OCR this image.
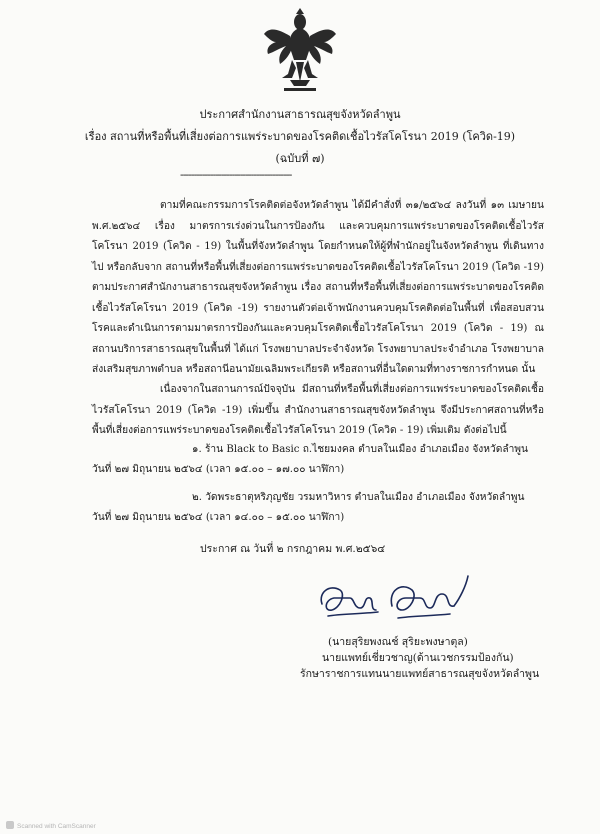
ประกาศสำนักงานสาธารณสุขจังหวัดลำพูน
เรื่อง สถานที่หรือพื้นที่เสี่ยงต่อการแพร่ระบาดของโรคติดเชื้อไวรัสโคโรนา 2019 (โควิด-19)
(ฉบับที่ ๗)
-----------------------------------------
ตามที่คณะกรรมการโรคติดต่อจังหวัดลำพูน ได้มีคำสั่งที่ ๓๑/๒๕๖๔ ลงวันที่ ๑๓ เมษายน พ.ศ.๒๕๖๔ เรื่อง มาตรการเร่งด่วนในการป้องกัน และควบคุมการแพร่ระบาดของโรคติดเชื้อไวรัสโคโรนา 2019 (โควิด - 19) ในพื้นที่จังหวัดลำพูน โดยกำหนดให้ผู้ที่พำนักอยู่ในจังหวัดลำพูน ที่เดินทางไป หรือกลับจาก สถานที่หรือพื้นที่เสี่ยงต่อการแพร่ระบาดของโรคติดเชื้อไวรัสโคโรนา 2019 (โควิด -19) ตามประกาศสำนักงานสาธารณสุขจังหวัดลำพูน เรื่อง สถานที่หรือพื้นที่เสี่ยงต่อการแพร่ระบาดของโรคติดเชื้อไวรัสโคโรนา 2019 (โควิด -19) รายงานตัวต่อเจ้าพนักงานควบคุมโรคติดต่อในพื้นที่ เพื่อสอบสวนโรคและดำเนินการตามมาตรการป้องกันและควบคุมโรคติดเชื้อไวรัสโคโรนา 2019 (โควิด - 19) ณ สถานบริการสาธารณสุขในพื้นที่ ได้แก่ โรงพยาบาลประจำจังหวัด โรงพยาบาลประจำอำเภอ โรงพยาบาลส่งเสริมสุขภาพตำบล หรือสถานีอนามัยเฉลิมพระเกียรติ หรือสถานที่อื่นใดตามที่ทางราชการกำหนด นั้น
เนื่องจากในสถานการณ์ปัจจุบัน มีสถานที่หรือพื้นที่เสี่ยงต่อการแพร่ระบาดของโรคติดเชื้อไวรัสโคโรนา 2019 (โควิด -19) เพิ่มขึ้น สำนักงานสาธารณสุขจังหวัดลำพูน จึงมีประกาศสถานที่หรือพื้นที่เสี่ยงต่อการแพร่ระบาดของโรคติดเชื้อไวรัสโคโรนา 2019 (โควิด - 19) เพิ่มเติม ดังต่อไปนี้
๑. ร้าน Black to Basic ถ.ไชยมงคล ตำบลในเมือง อำเภอเมือง จังหวัดลำพูน
วันที่ ๒๗ มิถุนายน ๒๕๖๔ (เวลา ๑๕.๐๐ – ๑๗.๐๐ นาฬิกา)
๒. วัดพระธาตุหริภุญชัย วรมหาวิหาร ตำบลในเมือง อำเภอเมือง จังหวัดลำพูน
วันที่ ๒๗ มิถุนายน ๒๕๖๔ (เวลา ๑๔.๐๐ – ๑๕.๐๐ นาฬิกา)
ประกาศ ณ วันที่ ๒ กรกฎาคม พ.ศ.๒๕๖๔
(นายสุริยพงณช์ สุริยะพงษาตุล)
นายแพทย์เชี่ยวชาญ(ด้านเวชกรรมป้องกัน)
รักษาราชการแทนนายแพทย์สาธารณสุขจังหวัดลำพูน
Scanned with CamScanner
